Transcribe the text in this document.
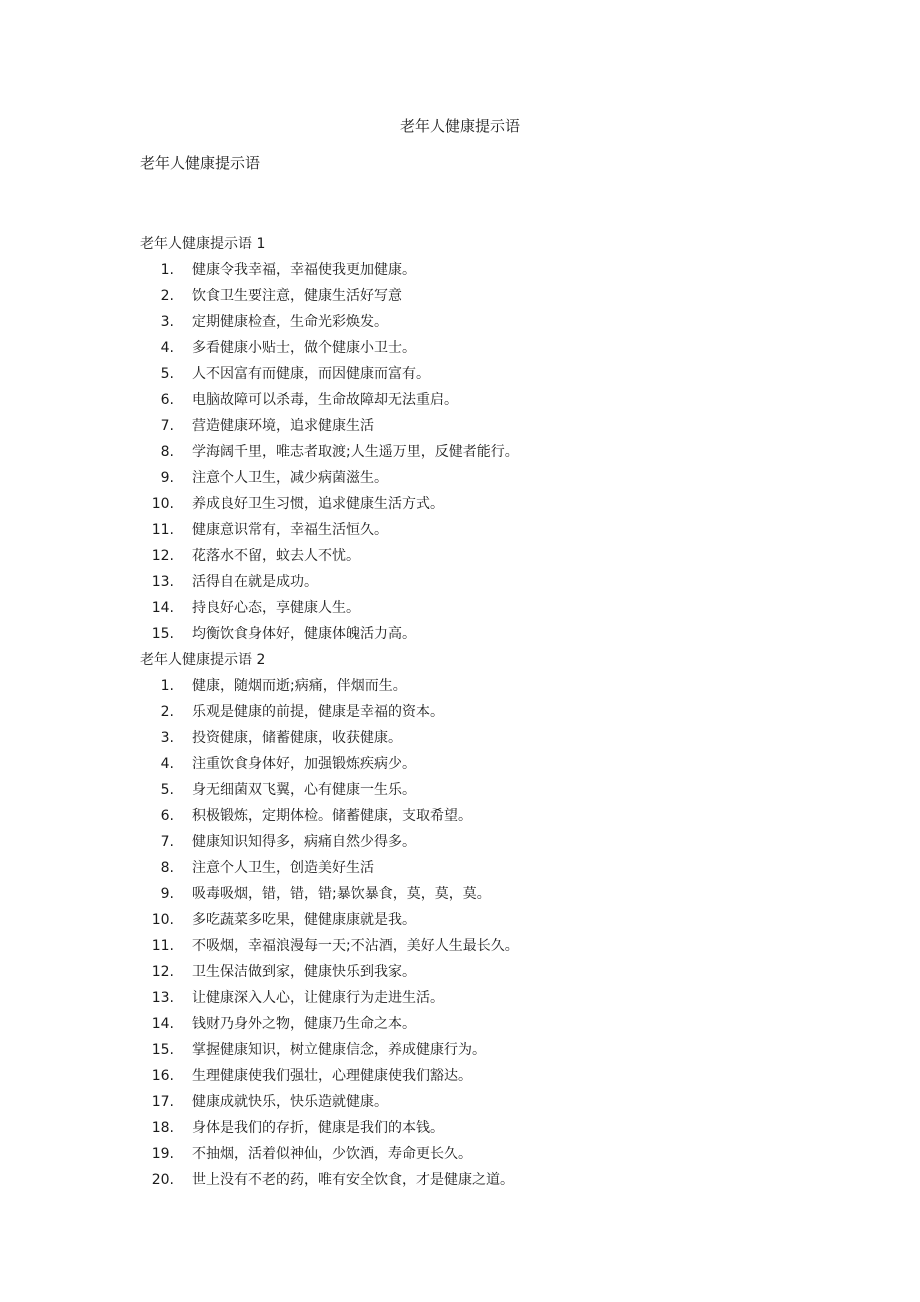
老年人健康提示语
老年人健康提示语
老年人健康提示语 1
1. 健康令我幸福，幸福使我更加健康。
2. 饮食卫生要注意，健康生活好写意
3. 定期健康检查，生命光彩焕发。
4. 多看健康小贴士，做个健康小卫士。
5. 人不因富有而健康，而因健康而富有。
6. 电脑故障可以杀毒，生命故障却无法重启。
7. 营造健康环境，追求健康生活
8. 学海阔千里，唯志者取渡;人生遥万里，反健者能行。
9. 注意个人卫生，减少病菌滋生。
10. 养成良好卫生习惯，追求健康生活方式。
11. 健康意识常有，幸福生活恒久。
12. 花落水不留，蚊去人不忧。
13. 活得自在就是成功。
14. 持良好心态，享健康人生。
15. 均衡饮食身体好，健康体魄活力高。
老年人健康提示语 2
1. 健康，随烟而逝;病痛，伴烟而生。
2. 乐观是健康的前提，健康是幸福的资本。
3. 投资健康，储蓄健康，收获健康。
4. 注重饮食身体好，加强锻炼疾病少。
5. 身无细菌双飞翼，心有健康一生乐。
6. 积极锻炼，定期体检。储蓄健康，支取希望。
7. 健康知识知得多，病痛自然少得多。
8. 注意个人卫生，创造美好生活
9. 吸毒吸烟，错，错，错;暴饮暴食，莫，莫，莫。
10. 多吃蔬菜多吃果，健健康康就是我。
11. 不吸烟，幸福浪漫每一天;不沾酒，美好人生最长久。
12. 卫生保洁做到家，健康快乐到我家。
13. 让健康深入人心，让健康行为走进生活。
14. 钱财乃身外之物，健康乃生命之本。
15. 掌握健康知识，树立健康信念，养成健康行为。
16. 生理健康使我们强壮，心理健康使我们豁达。
17. 健康成就快乐，快乐造就健康。
18. 身体是我们的存折，健康是我们的本钱。
19. 不抽烟，活着似神仙，少饮酒，寿命更长久。
20. 世上没有不老的药，唯有安全饮食，才是健康之道。
